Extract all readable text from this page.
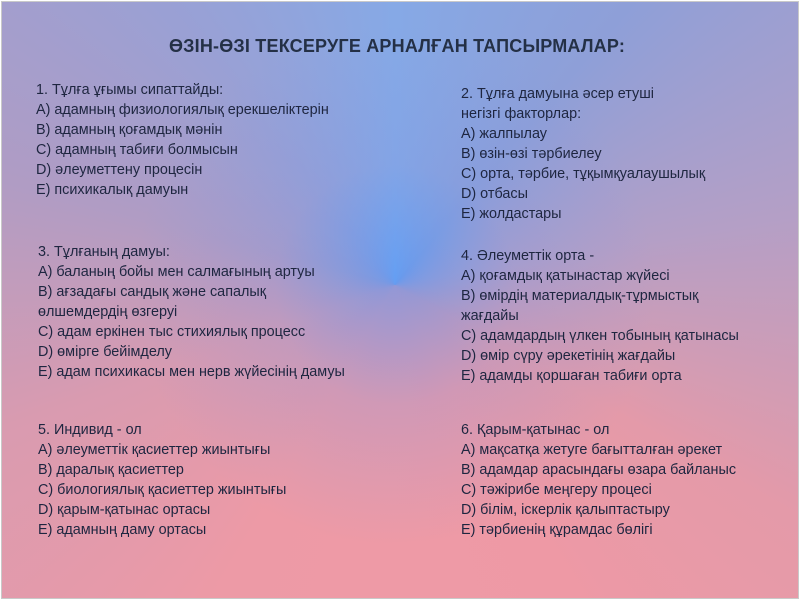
ӨЗІН-ӨЗІ ТЕКСЕРУГЕ АРНАЛҒАН ТАПСЫРМАЛАР:
1. Тұлға ұғымы сипаттайды:
А) адамның физиологиялық ерекшеліктерін
В) адамның қоғамдық мәнін
С) адамның табиғи болмысын
D) әлеуметтену процесін
Е) психикалық дамуын
2. Тұлға дамуына әсер етуші
негізгі факторлар:
А) жалпылау
В) өзін-өзі тәрбиелеу
С) орта, тәрбие, тұқымқуалаушылық
D) отбасы
Е) жолдастары
3. Тұлғаның дамуы:
А) баланың бойы мен салмағының артуы
В) ағзадағы сандық және сапалық
өлшемдердің өзгеруі
С) адам еркінен тыс стихиялық процесс
D) өмірге бейімделу
Е) адам психикасы мен нерв жүйесінің дамуы
4. Әлеуметтік орта -
А) қоғамдық қатынастар жүйесі
В) өмірдің материалдық-тұрмыстық
жағдайы
С) адамдардың үлкен тобының қатынасы
D) өмір сүру әрекетінің жағдайы
Е) адамды қоршаған табиғи орта
5. Индивид - ол
А) әлеуметтік қасиеттер жиынтығы
В) даралық қасиеттер
С) биологиялық қасиеттер жиынтығы
D) қарым-қатынас ортасы
Е) адамның даму ортасы
6. Қарым-қатынас - ол
А) мақсатқа жетуге бағытталған әрекет
В) адамдар арасындағы өзара байланыс
С) тәжірибе меңгеру процесі
D) білім, іскерлік қалыптастыру
Е) тәрбиенің құрамдас бөлігі
